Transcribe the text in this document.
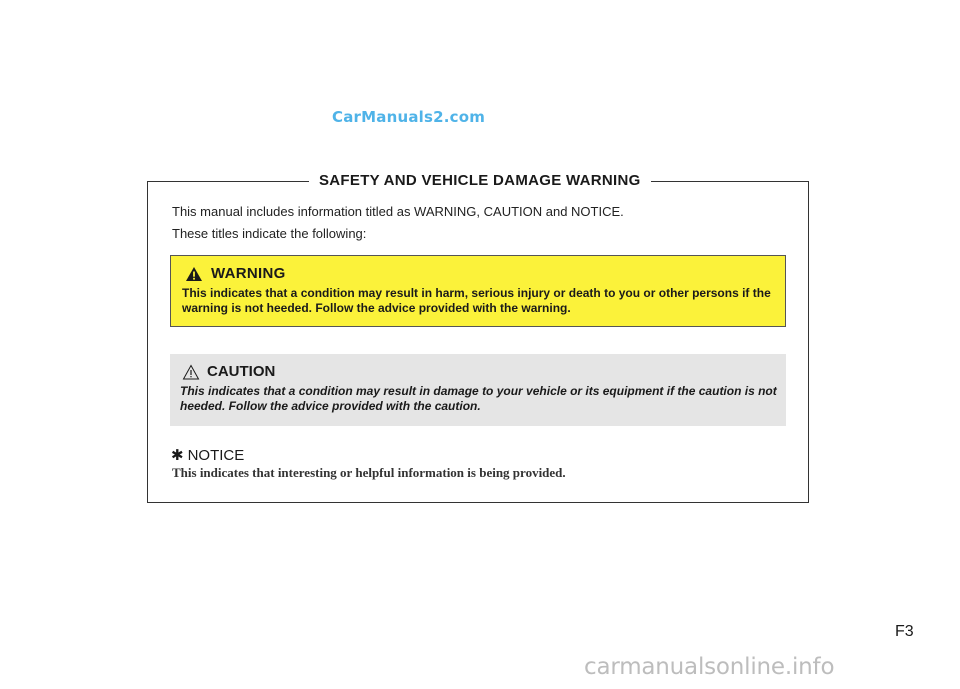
CarManuals2.com
SAFETY AND VEHICLE DAMAGE WARNING
This manual includes information titled as WARNING, CAUTION and NOTICE.
These titles indicate the following:
WARNING
This indicates that a condition may result in harm, serious injury or death to you or other persons if the warning is not heeded. Follow the advice provided with the warning.
CAUTION
This indicates that a condition may result in damage to your vehicle or its equipment if the caution is not heeded. Follow the advice provided with the caution.
✱ NOTICE
This indicates that interesting or helpful information is being provided.
F3
carmanualsonline.info
